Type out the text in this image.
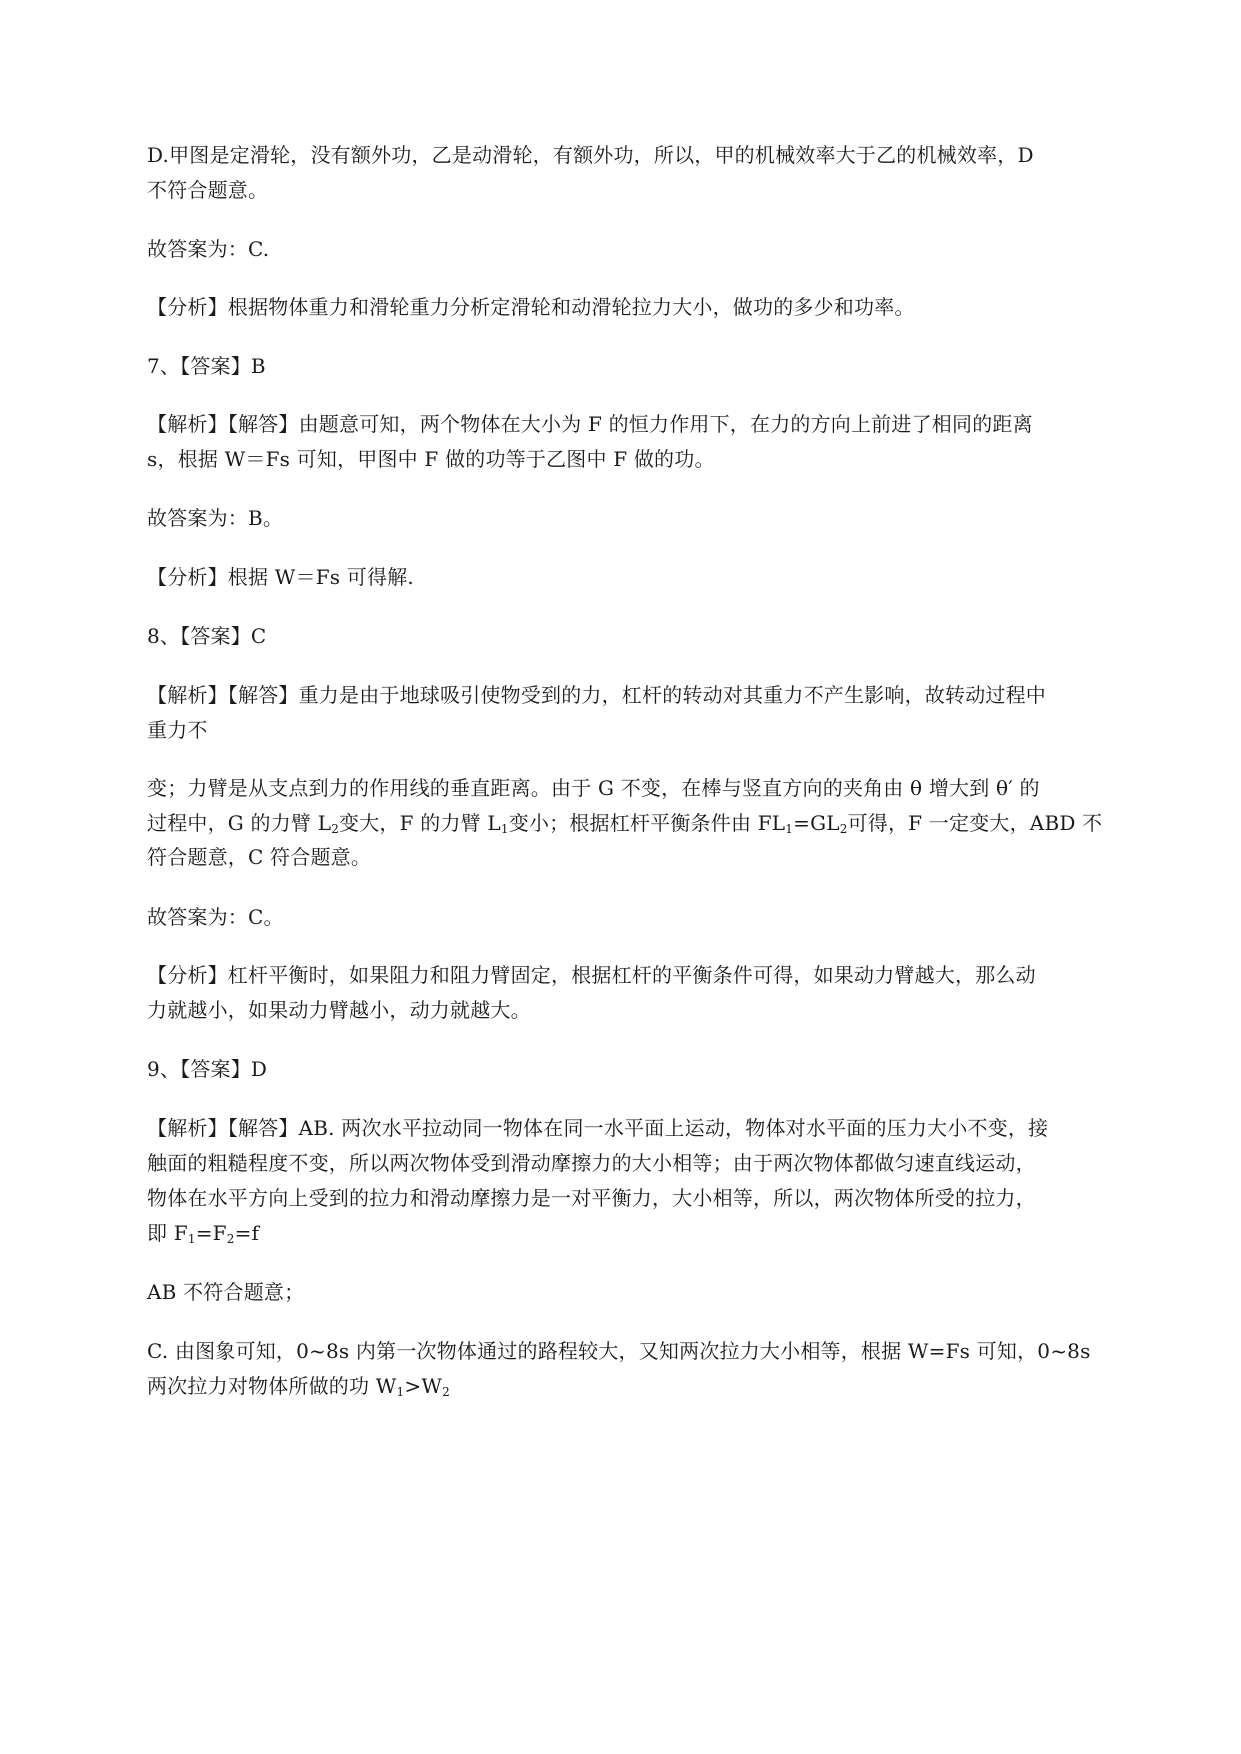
D.甲图是定滑轮，没有额外功，乙是动滑轮，有额外功，所以，甲的机械效率大于乙的机械效率，D
不符合题意。
故答案为：C.
【分析】根据物体重力和滑轮重力分析定滑轮和动滑轮拉力大小，做功的多少和功率。
7、【答案】B
【解析】【解答】由题意可知，两个物体在大小为 F 的恒力作用下，在力的方向上前进了相同的距离
s，根据 W＝Fs 可知，甲图中 F 做的功等于乙图中 F 做的功。
故答案为：B。
【分析】根据 W＝Fs 可得解.
8、【答案】C
【解析】【解答】重力是由于地球吸引使物受到的力，杠杆的转动对其重力不产生影响，故转动过程中
重力不
变；力臂是从支点到力的作用线的垂直距离。由于 G 不变，在棒与竖直方向的夹角由 θ 增大到 θ′ 的
过程中，G 的力臂 $L_2$变大，F 的力臂 $L_1$变小；根据杠杆平衡条件由 $FL_1=GL_2$可得，F 一定变大，ABD 不
符合题意，C 符合题意。
故答案为：C。
【分析】杠杆平衡时，如果阻力和阻力臂固定，根据杠杆的平衡条件可得，如果动力臂越大，那么动
力就越小，如果动力臂越小，动力就越大。
9、【答案】D
【解析】【解答】AB. 两次水平拉动同一物体在同一水平面上运动，物体对水平面的压力大小不变，接
触面的粗糙程度不变，所以两次物体受到滑动摩擦力的大小相等；由于两次物体都做匀速直线运动，
物体在水平方向上受到的拉力和滑动摩擦力是一对平衡力，大小相等，所以，两次物体所受的拉力，
即 $F_1=F_2=f$
AB 不符合题意；
C. 由图象可知，0~8s 内第一次物体通过的路程较大，又知两次拉力大小相等，根据 W=Fs 可知，0~8s
两次拉力对物体所做的功 $W_1>W_2$
